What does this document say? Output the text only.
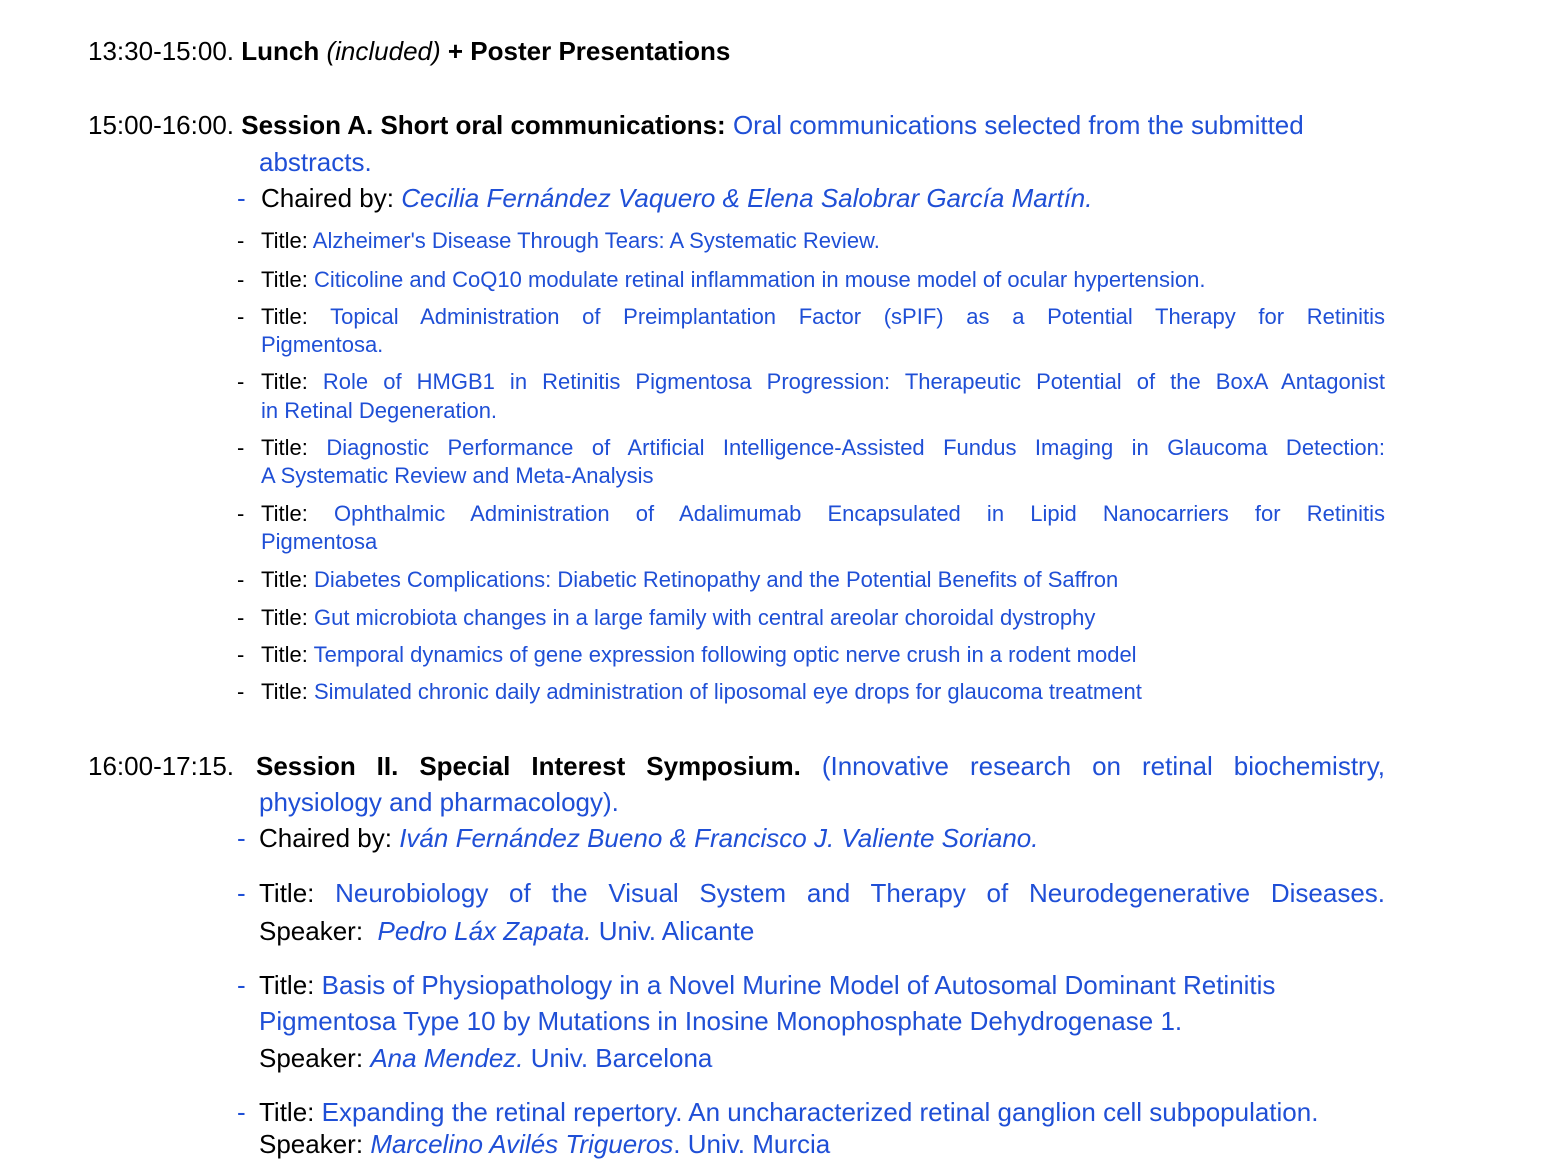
13:30-15:00. Lunch (included) + Poster Presentations
15:00-16:00. Session A. Short oral communications: Oral communications selected from the submitted
abstracts.
- Chaired by: Cecilia Fernández Vaquero & Elena Salobrar García Martín.
- Title: Alzheimer's Disease Through Tears: A Systematic Review.
- Title: Citicoline and CoQ10 modulate retinal inflammation in mouse model of ocular hypertension.
- Title: Topical Administration of Preimplantation Factor (sPIF) as a Potential Therapy for Retinitis
Pigmentosa.
- Title: Role of HMGB1 in Retinitis Pigmentosa Progression: Therapeutic Potential of the BoxA Antagonist
in Retinal Degeneration.
- Title: Diagnostic Performance of Artificial Intelligence-Assisted Fundus Imaging in Glaucoma Detection:
A Systematic Review and Meta-Analysis
- Title: Ophthalmic Administration of Adalimumab Encapsulated in Lipid Nanocarriers for Retinitis
Pigmentosa
- Title: Diabetes Complications: Diabetic Retinopathy and the Potential Benefits of Saffron
- Title: Gut microbiota changes in a large family with central areolar choroidal dystrophy
- Title: Temporal dynamics of gene expression following optic nerve crush in a rodent model
- Title: Simulated chronic daily administration of liposomal eye drops for glaucoma treatment
16:00-17:15. Session II. Special Interest Symposium. (Innovative research on retinal biochemistry,
physiology and pharmacology).
- Chaired by: Iván Fernández Bueno & Francisco J. Valiente Soriano.
- Title: Neurobiology of the Visual System and Therapy of Neurodegenerative Diseases.
Speaker: Pedro Láx Zapata. Univ. Alicante
- Title: Basis of Physiopathology in a Novel Murine Model of Autosomal Dominant Retinitis
Pigmentosa Type 10 by Mutations in Inosine Monophosphate Dehydrogenase 1.
Speaker: Ana Mendez. Univ. Barcelona
- Title: Expanding the retinal repertory. An uncharacterized retinal ganglion cell subpopulation.
Speaker: Marcelino Avilés Trigueros. Univ. Murcia
